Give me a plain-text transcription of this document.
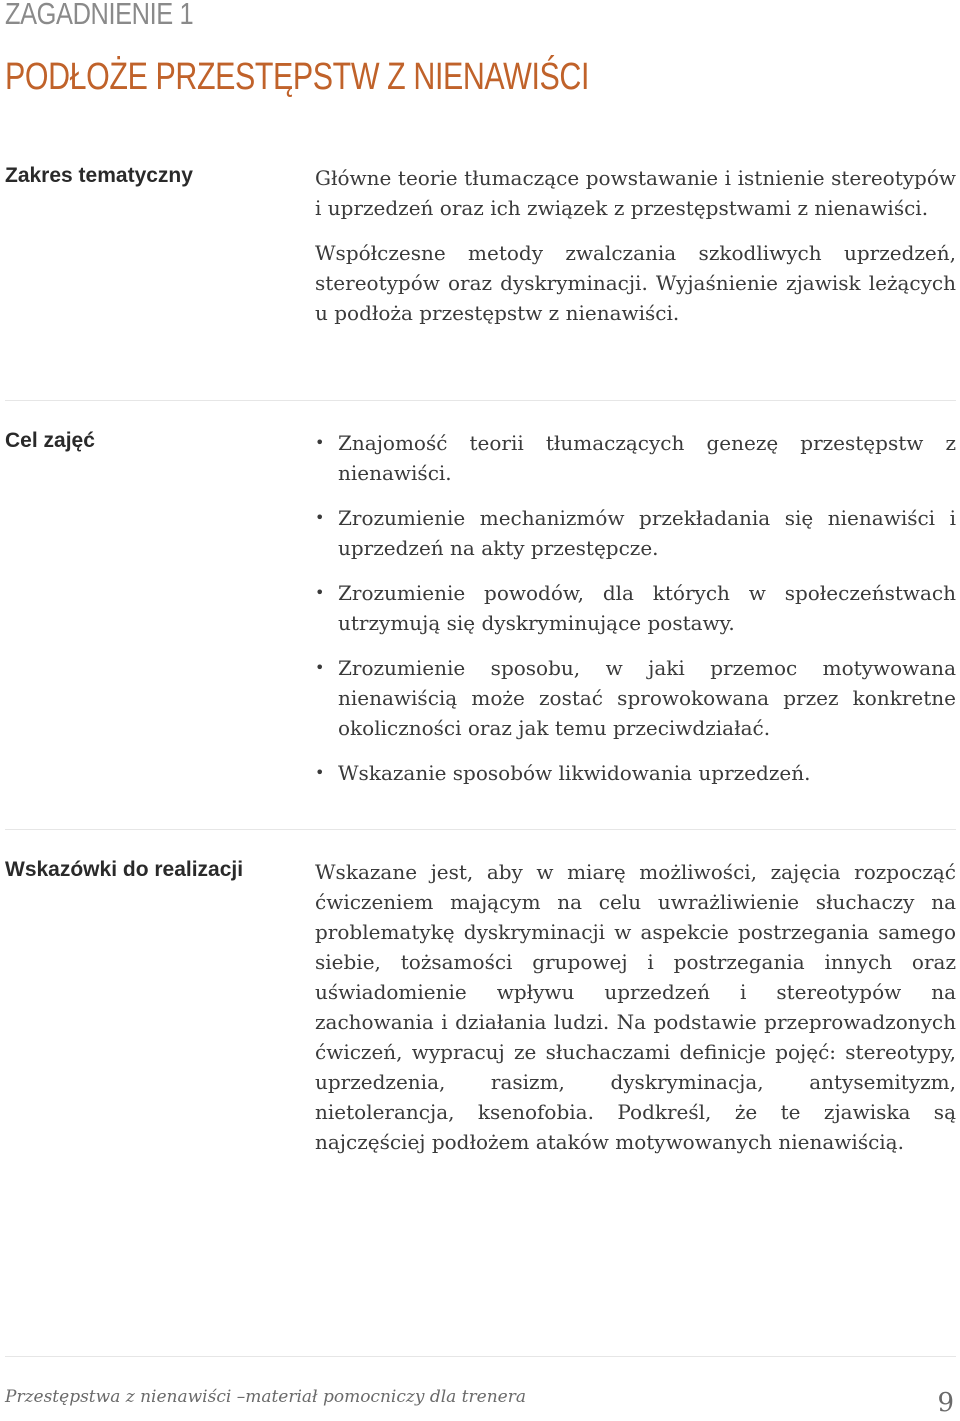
ZAGADNIENIE 1
PODŁOŻE PRZESTĘPSTW Z NIENAWIŚCI
Zakres tematyczny	Główne teorie tłumaczące powstawanie i istnienie stereotypów i uprzedzeń oraz ich związek z przestępstwami z nienawiści.

Współczesne metody zwalczania szkodliwych uprzedzeń, stereotypów oraz dyskryminacji. Wyjaśnienie zjawisk leżących u podłoża przestępstw z nienawiści.

Cel zajęć
•	Znajomość teorii tłumaczących genezę przestępstw z nienawiści.
• Zrozumienie mechanizmów przekładania się nienawiści i uprzedzeń na akty przestępcze.
• Zrozumienie powodów, dla których w społeczeństwach utrzymują się dyskryminujące postawy.
• Zrozumienie sposobu, w jaki przemoc motywowana nienawiścią może zostać sprowokowana przez konkretne okoliczności oraz jak temu przeciwdziałać.
• Wskazanie sposobów likwidowania uprzedzeń.
Wskazówki do realizacji	Wskazane jest, aby w miarę możliwości, zajęcia rozpocząć ćwiczeniem mającym na celu uwrażliwienie słuchaczy na problematykę dyskryminacji w aspekcie postrzegania samego siebie, tożsamości grupowej i postrzegania innych oraz uświadomienie wpływu uprzedzeń i stereotypów na zachowania i działania ludzi. Na podstawie przeprowadzonych ćwiczeń, wypracuj ze słuchaczami definicje pojęć: stereotypy, uprzedzenia, rasizm, dyskryminacja, antysemityzm, nietolerancja, ksenofobia. Podkreśl, że te zjawiska są najczęściej podłożem ataków motywowanych nienawiścią.

Przestępstwa z nienawiści –materiał pomocniczy dla trenera	9
